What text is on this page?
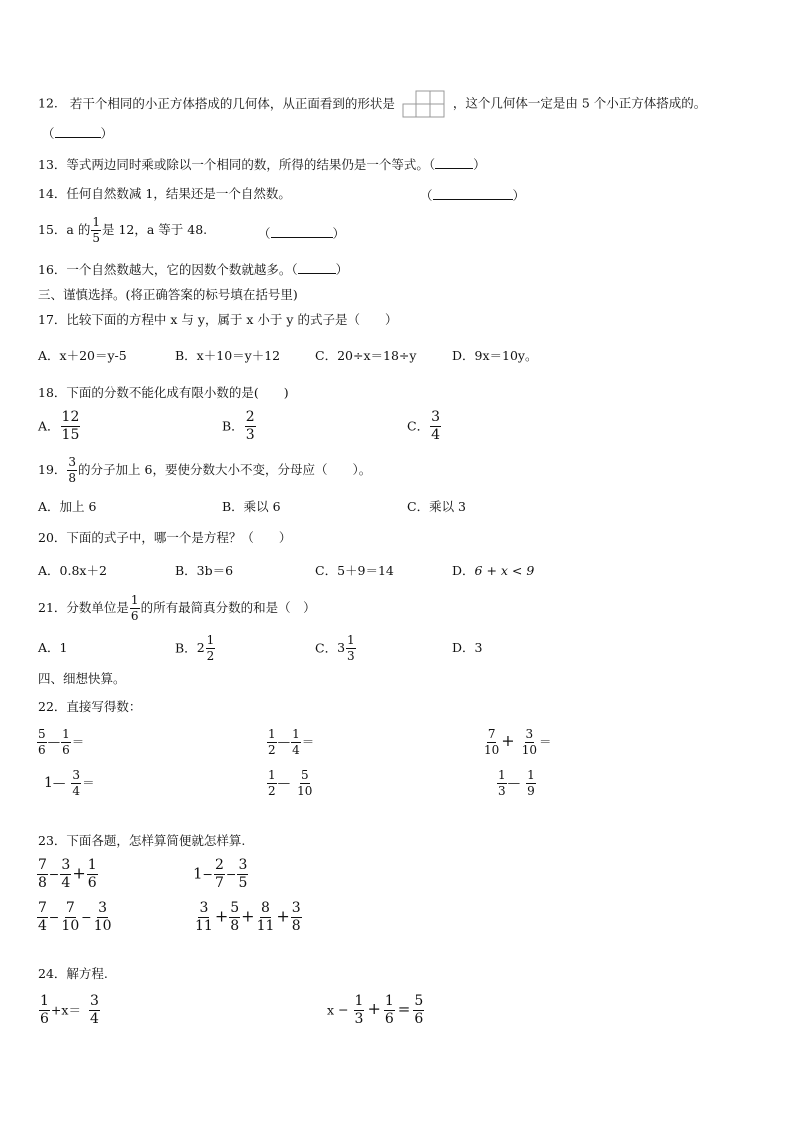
12. 若干个相同的小正方体搭成的几何体，从正面看到的形状是	，这个几何体一定是由 5 个小正方体搭成的。
（	）
13．等式两边同时乘或除以一个相同的数，所得的结果仍是一个等式。（	）
14．任何自然数减 1，结果还是一个自然数。	（	）
15．a 的 $\frac{1}{5}$ 是 12，a 等于 48.	（	）
16．一个自然数越大，它的因数个数就越多。（	）
三、谨慎选择。(将正确答案的标号填在括号里)
17．比较下面的方程中 x 与 y，属于 x 小于 y 的式子是（　　）
A．x＋20＝y-5	B．x＋10＝y＋12	C．20÷x＝18÷y	D．9x＝10y。
18．下面的分数不能化成有限小数的是(　　)
A． $\frac{12}{15}$	B． $\frac{2}{3}$	C． $\frac{3}{4}$
19． $\frac{3}{8}$ 的分子加上 6，要使分数大小不变，分母应（　　）。
A．加上 6	B．乘以 6	C．乘以 3
20．下面的式子中，哪一个是方程？（　　）
A．0.8x＋2	B．3b＝6	C．5＋9＝14	D．6 + x < 9
21．分数单位是 $\frac{1}{6}$ 的所有最简真分数的和是（　）
A．1	B． $2 \frac{1}{2}$	C． $3 \frac{1}{3}$	D．3
四、细想快算。
22．直接写得数：
$\frac{5}{6}$ — $\frac{1}{6}$ ＝	$\frac{1}{2}$ — $\frac{1}{4}$ ＝	$\frac{7}{10} + \frac{3}{10}$ ＝
1— $\frac{3}{4}$ ＝	$\frac{1}{2}$ — $\frac{5}{10}$	$\frac{1}{3}$ — $\frac{1}{9}$
23．下面各题，怎样算简便就怎样算.
$\frac{7}{8} - \frac{3}{4} + \frac{1}{6}$	$1- \frac{2}{7} - \frac{3}{5}$
$\frac{7}{4} - \frac{7}{10} - \frac{3}{10}$	$\frac{3}{11} + \frac{5}{8} + \frac{8}{11} + \frac{3}{8}$
24．解方程.
$\frac{1}{6} +x= \frac{3}{4}$	$x - \frac{1}{3} + \frac{1}{6} = \frac{5}{6}$
